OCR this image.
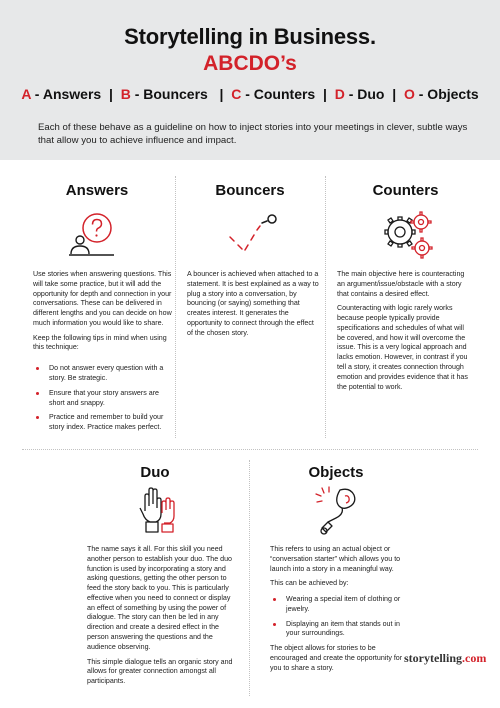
Storytelling in Business.
ABCDO’s
A - Answers  |  B - Bouncers   |  C - Counters  |  D - Duo  |  O - Objects
Each of these behave as a guideline on how to inject stories into your meetings in clever, subtle ways that allow you to achieve influence and impact.
Answers

Use stories when answering questions. This will take some practice, but it will add the opportunity for depth and connection in your conversations. These can be delivered in different lengths and you can decide on how much information you would like to share.

Keep the following tips in mind when using this technique:

Do not answer every question with a story. Be strategic.
Ensure that your story answers are short and snappy.
Practice and remember to build your story index. Practice makes perfect.
Bouncers

A bouncer is achieved when attached to a statement. It is best explained as a way to plug a story into a conversation, by bouncing (or saying) something that creates interest. It generates the opportunity to connect through the effect of the chosen story.

Counters

The main objective here is counteracting an argument/issue/obstacle with a story that contains a desired effect.

Counteracting with logic rarely works because people typically provide specifications and schedules of what will be covered, and how it will overcome the issue. This is a very logical approach and lacks emotion. However, in contrast if you tell a story, it creates connection through emotion and provides evidence that it has the potential to work.

Duo

The name says it all. For this skill you need another person to establish your duo. The duo function is used by incorporating a story and asking questions, getting the other person to feed the story back to you. This is particularly effective when you need to connect or display an effect of something by using the power of dialogue. The story can then be led in any direction and create a desired effect in the person answering the questions and the audience observing.

This simple dialogue tells an organic story and allows for greater connection amongst all participants.

Objects

This refers to using an actual object or “conversation starter” which allows you to launch into a story in a meaningful way.

This can be achieved by:

Wearing a special item of clothing or jewelry.
Displaying an item that stands out in your surroundings.

The object allows for stories to be encouraged and create the opportunity for you to share a story.

storytelling.com
